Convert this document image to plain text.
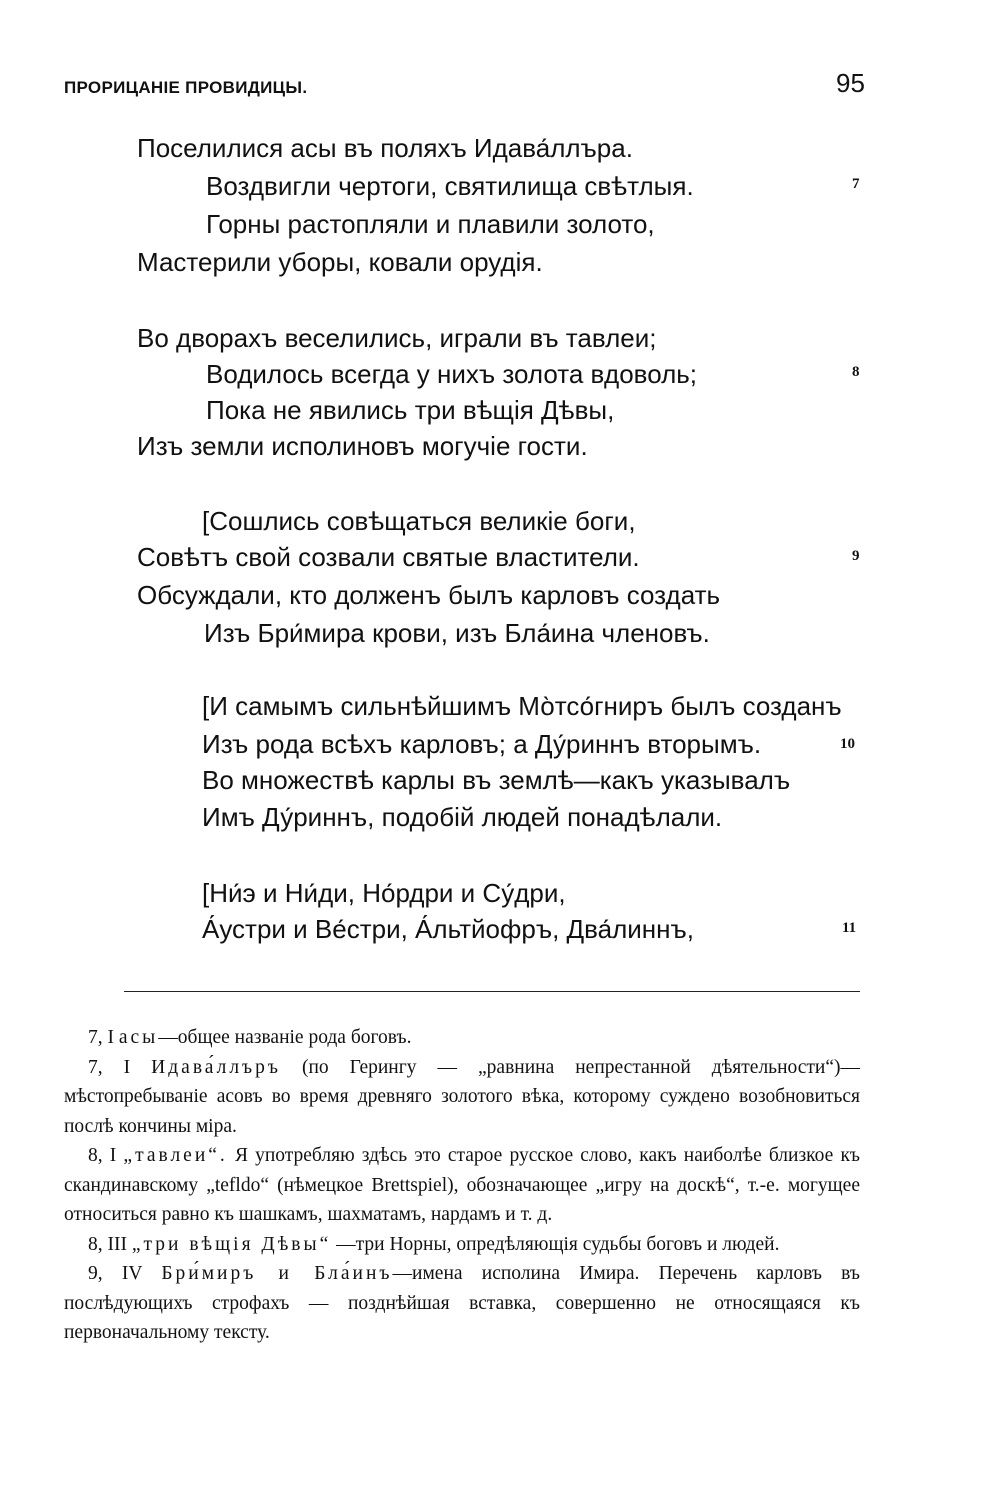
ПРОРИЦАНІЕ ПРОВИДИЦЫ.	95
Поселилися асы въ поляхъ Идава́ллъра.
Воздвигли чертоги, святилища свѣтлыя.
Горны растопляли и плавили золото,
Мастерили уборы, ковали орудія.
7
Во дворахъ веселились, играли въ тавлеи;
Водилось всегда у нихъ золота вдоволь;
Пока не явились три вѣщія Дѣвы,
Изъ земли исполиновъ могучіе гости.
8
[Сошлись совѣщаться великіе боги,
Совѣтъ свой созвали святые властители.
Обсуждали, кто долженъ былъ карловъ создать
Изъ Бри́мира крови, изъ Бла́ина членовъ.
9
[И самымъ сильнѣйшимъ Мо̀тсо́гниръ былъ созданъ
Изъ рода всѣхъ карловъ; а Ду́риннъ вторымъ.
Во множествѣ карлы въ землѣ—какъ указывалъ
Имъ Ду́риннъ, подобій людей понадѣлали.
10
[Ни́э и Ни́ди, Но́рдри и Су́дри,
А́устри и Ве́стри, А́льтйофръ, Два́линнъ,	11

7, I асы—общее названіе рода боговъ.

7, I Идава́ллъръ (по Герингу — „равнина непрестанной дѣятельности“)—мѣстопребываніе асовъ во время древняго золотого вѣка, которому суждено возобновиться послѣ кончины міра.

8, I „тавлеи“. Я употребляю здѣсь это старое русское слово, какъ наиболѣе близкое къ скандинавскому „tefldo“ (нѣмецкое Brettspiel), обозначающее „игру на доскѣ“, т.-е. могущее относиться равно къ шашкамъ, шахматамъ, нардамъ и т. д.

8, III „три вѣщія Дѣвы“ —три Норны, опредѣляющія судьбы боговъ и людей.

9, IV Бри́миръ и Бла́инъ—имена исполина Имира. Перечень карловъ въ послѣдующихъ строфахъ — позднѣйшая вставка, совершенно не относящаяся къ первоначальному тексту.
